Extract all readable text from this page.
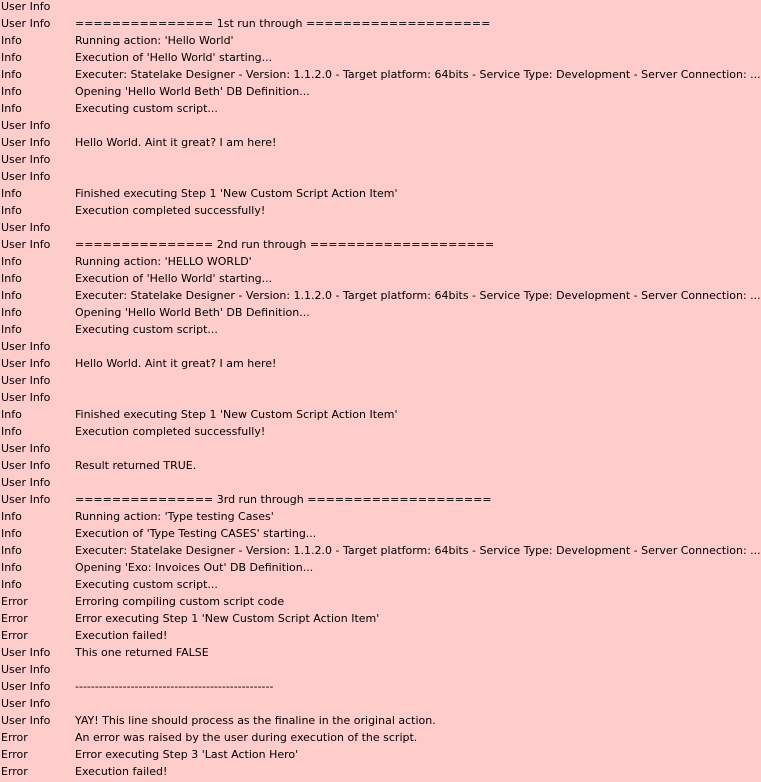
User Info
User Info	=============== 1st run through ====================
Info	Running action: 'Hello World'
Info	Execution of 'Hello World' starting...
Info	Executer: Statelake Designer - Version: 1.1.2.0 - Target platform: 64bits - Service Type: Development - Server Connection: ...
Info	Opening 'Hello World Beth' DB Definition...
Info	Executing custom script...
User Info
User Info	Hello World. Aint it great? I am here!
User Info
User Info
Info	Finished executing Step 1 'New Custom Script Action Item'
Info	Execution completed successfully!
User Info
User Info	=============== 2nd run through ====================
Info	Running action: 'HELLO WORLD'
Info	Execution of 'Hello World' starting...
Info	Executer: Statelake Designer - Version: 1.1.2.0 - Target platform: 64bits - Service Type: Development - Server Connection: ...
Info	Opening 'Hello World Beth' DB Definition...
Info	Executing custom script...
User Info
User Info	Hello World. Aint it great? I am here!
User Info
User Info
Info	Finished executing Step 1 'New Custom Script Action Item'
Info	Execution completed successfully!
User Info
User Info	Result returned TRUE.
User Info
User Info	=============== 3rd run through ====================
Info	Running action: 'Type testing Cases'
Info	Execution of 'Type Testing CASES' starting...
Info	Executer: Statelake Designer - Version: 1.1.2.0 - Target platform: 64bits - Service Type: Development - Server Connection: ...
Info	Opening 'Exo: Invoices Out' DB Definition...
Info	Executing custom script...
Error	Erroring compiling custom script code
Error	Error executing Step 1 'New Custom Script Action Item'
Error	Execution failed!
User Info	This one returned FALSE
User Info
User Info	--------------------------------------------------
User Info
User Info	YAY! This line should process as the finaline in the original action.
Error	An error was raised by the user during execution of the script.
Error	Error executing Step 3 'Last Action Hero'
Error	Execution failed!
